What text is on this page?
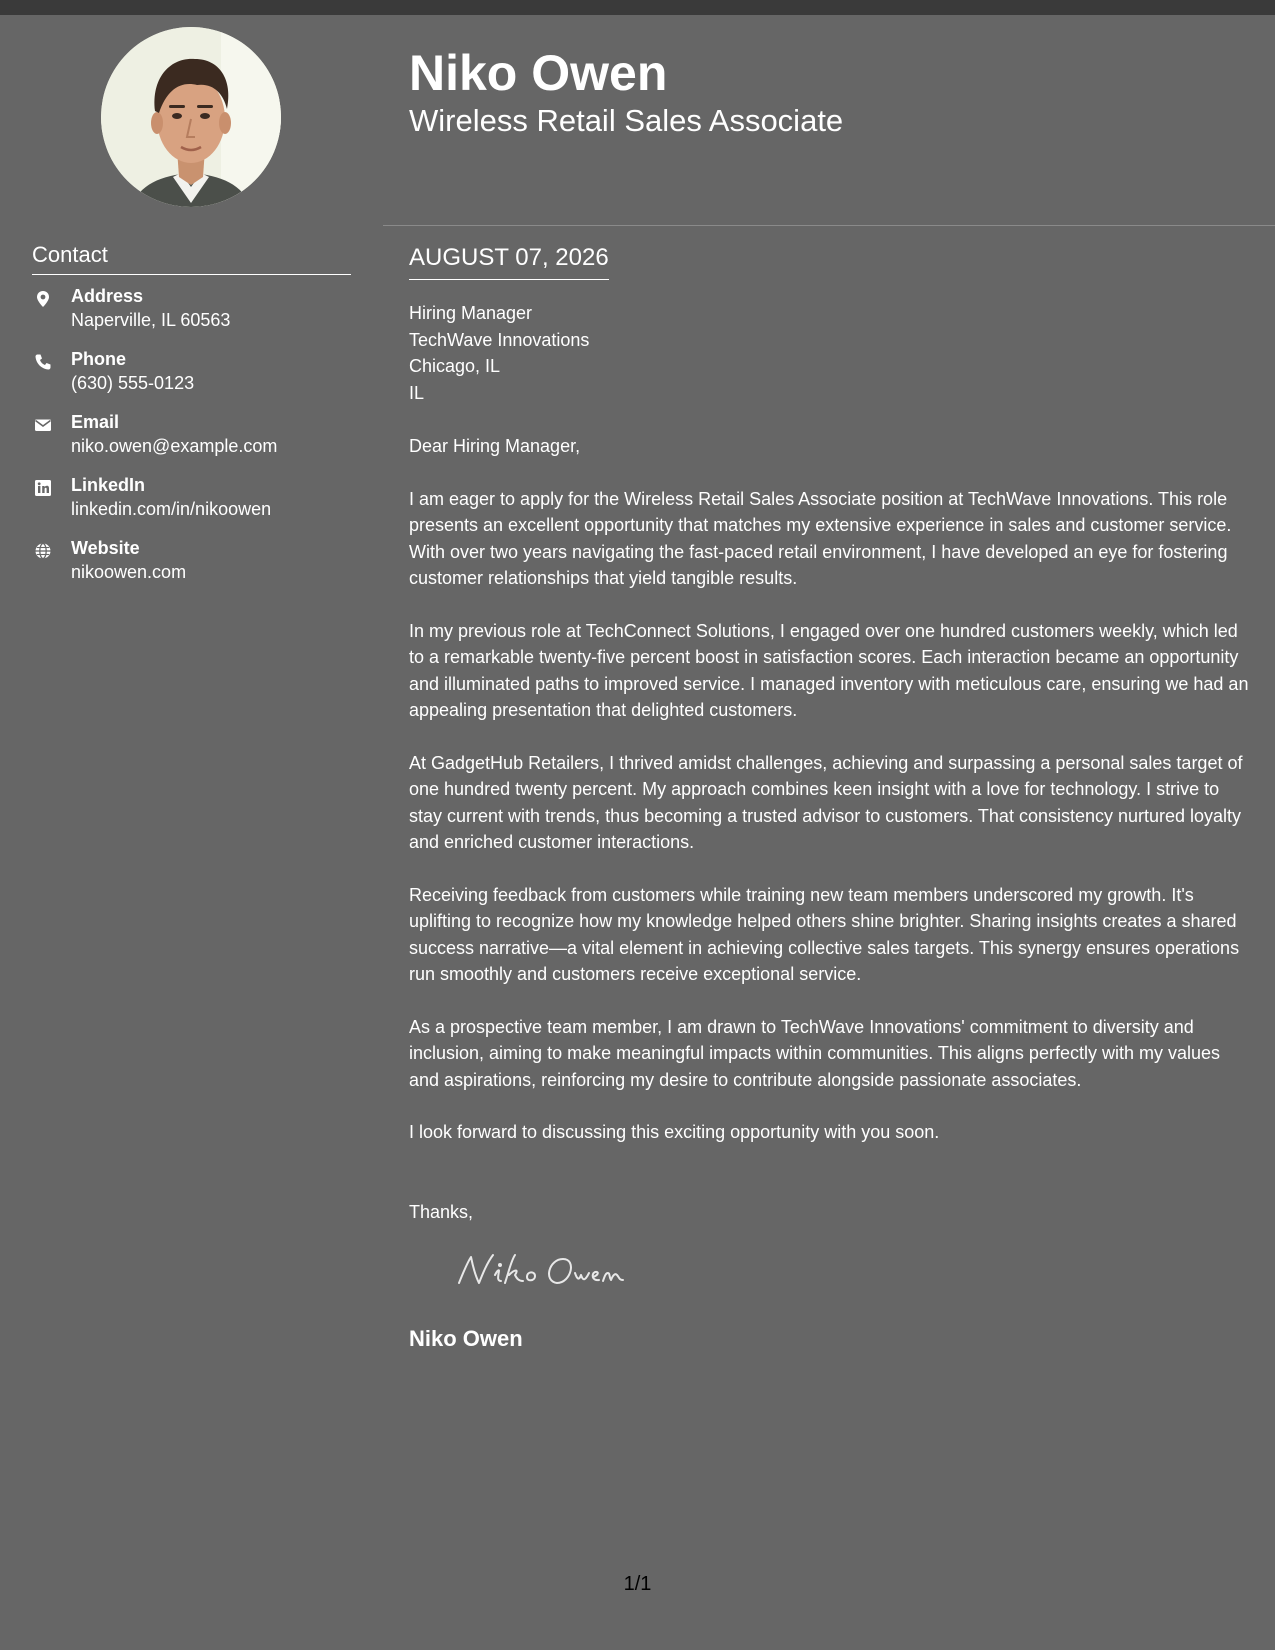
Contact
Address
Naperville, IL 60563
Phone
(630) 555-0123
Email
niko.owen@example.com
LinkedIn
linkedin.com/in/nikoowen
Website
nikoowen.com
Niko Owen
Wireless Retail Sales Associate
AUGUST 07, 2026
Hiring Manager
TechWave Innovations
Chicago, IL
IL
Dear Hiring Manager,

I am eager to apply for the Wireless Retail Sales Associate position at TechWave Innovations. This role presents an excellent opportunity that matches my extensive experience in sales and customer service. With over two years navigating the fast-paced retail environment, I have developed an eye for fostering customer relationships that yield tangible results.

In my previous role at TechConnect Solutions, I engaged over one hundred customers weekly, which led to a remarkable twenty-five percent boost in satisfaction scores. Each interaction became an opportunity and illuminated paths to improved service. I managed inventory with meticulous care, ensuring we had an appealing presentation that delighted customers.

At GadgetHub Retailers, I thrived amidst challenges, achieving and surpassing a personal sales target of one hundred twenty percent. My approach combines keen insight with a love for technology. I strive to stay current with trends, thus becoming a trusted advisor to customers. That consistency nurtured loyalty and enriched customer interactions.

Receiving feedback from customers while training new team members underscored my growth. It's uplifting to recognize how my knowledge helped others shine brighter. Sharing insights creates a shared success narrative—a vital element in achieving collective sales targets. This synergy ensures operations run smoothly and customers receive exceptional service.

As a prospective team member, I am drawn to TechWave Innovations' commitment to diversity and inclusion, aiming to make meaningful impacts within communities. This aligns perfectly with my values and aspirations, reinforcing my desire to contribute alongside passionate associates.

I look forward to discussing this exciting opportunity with you soon.

Thanks,
Niko Owen
1/1
